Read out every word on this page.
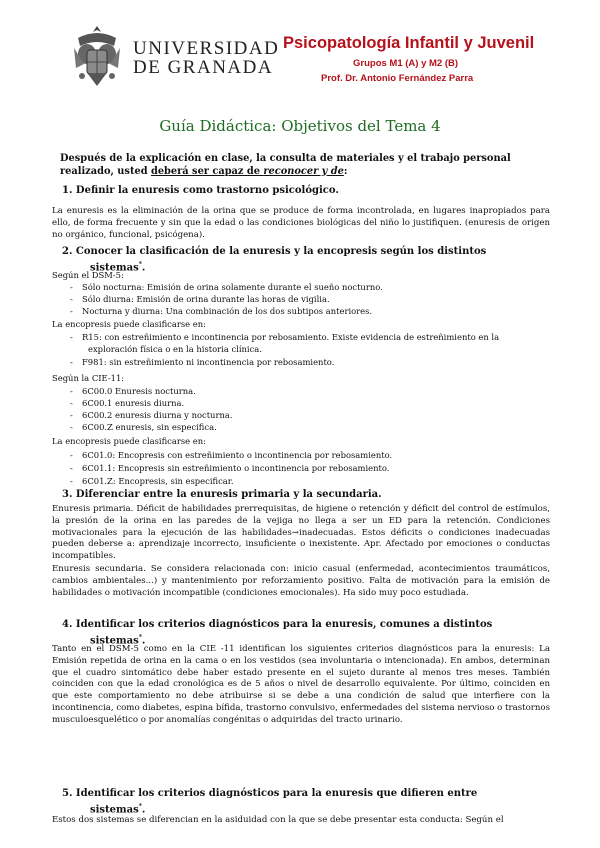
UNIVERSIDAD
DE GRANADA
Psicopatología Infantil y Juvenil
Grupos M1 (A) y M2 (B)
Prof. Dr. Antonio Fernández Parra
Guía Didáctica: Objetivos del Tema 4
Después de la explicación en clase, la consulta de materiales y el trabajo personal realizado, usted deberá ser capaz de reconocer y de:
1. Definir la enuresis como trastorno psicológico.
La enuresis es la eliminación de la orina que se produce de forma incontrolada, en lugares inapropiados para ello, de forma frecuente y sin que la edad o las condiciones biológicas del niño lo justifiquen. (enuresis de origen no orgánico, funcional, psicógena).
2. Conocer la clasificación de la enuresis y la encopresis según los distintos
sistemas*.
Según el DSM-5:
- Sólo nocturna: Emisión de orina solamente durante el sueño nocturno.
- Sólo diurna: Emisión de orina durante las horas de vigilia.
- Nocturna y diurna: Una combinación de los dos subtipos anteriores.
La encopresis puede clasificarse en:
- R15: con estreñimiento e incontinencia por rebosamiento. Existe evidencia de estreñimiento en la
exploración física o en la historia clínica.
- F981: sin estreñimiento ni incontinencia por rebosamiento.
Según la CIE-11:
- 6C00.0 Enuresis nocturna.
- 6C00.1 enuresis diurna.
- 6C00.2 enuresis diurna y nocturna.
- 6C00.Z enuresis, sin especifica.
La encopresis puede clasificarse en:
- 6C01.0: Encopresis con estreñimiento o incontinencia por rebosamiento.
- 6C01.1: Encopresis sin estreñimiento o incontinencia por rebosamiento.
- 6C01.Z: Encopresis, sin especificar.
3. Diferenciar entre la enuresis primaria y la secundaria.
Enuresis primaria. Déficit de habilidades prerrequisitas, de higiene o retención y déficit del control de estímulos, la presión de la orina en las paredes de la vejiga no llega a ser un ED para la retención. Condiciones motivacionales para la ejecución de las habilidades→inadecuadas. Estos déficits o condiciones inadecuadas pueden deberse a: aprendizaje incorrecto, insuficiente o inexistente. Apr. Afectado por emociones o conductas incompatibles.
Enuresis secundaria. Se considera relacionada con: inicio casual (enfermedad, acontecimientos traumáticos, cambios ambientales...) y mantenimiento por reforzamiento positivo. Falta de motivación para la emisión de habilidades o motivación incompatible (condiciones emocionales). Ha sido muy poco estudiada.
4. Identificar los criterios diagnósticos para la enuresis, comunes a distintos
sistemas*.
Tanto en el DSM-5 como en la CIE -11 identifican los siguientes criterios diagnósticos para la enuresis: La Emisión repetida de orina en la cama o en los vestidos (sea involuntaria o intencionada). En ambos, determinan que el cuadro sintomático debe haber estado presente en el sujeto durante al menos tres meses. También coinciden con que la edad cronológica es de 5 años o nivel de desarrollo equivalente. Por último, coinciden en que este comportamiento no debe atribuirse si se debe a una condición de salud que interfiere con la incontinencia, como diabetes, espina bífida, trastorno convulsivo, enfermedades del sistema nervioso o trastornos musculoesquelético o por anomalías congénitas o adquiridas del tracto urinario.
5. Identificar los criterios diagnósticos para la enuresis que difieren entre
sistemas*.
Estos dos sistemas se diferencian en la asiduidad con la que se debe presentar esta conducta: Según el
